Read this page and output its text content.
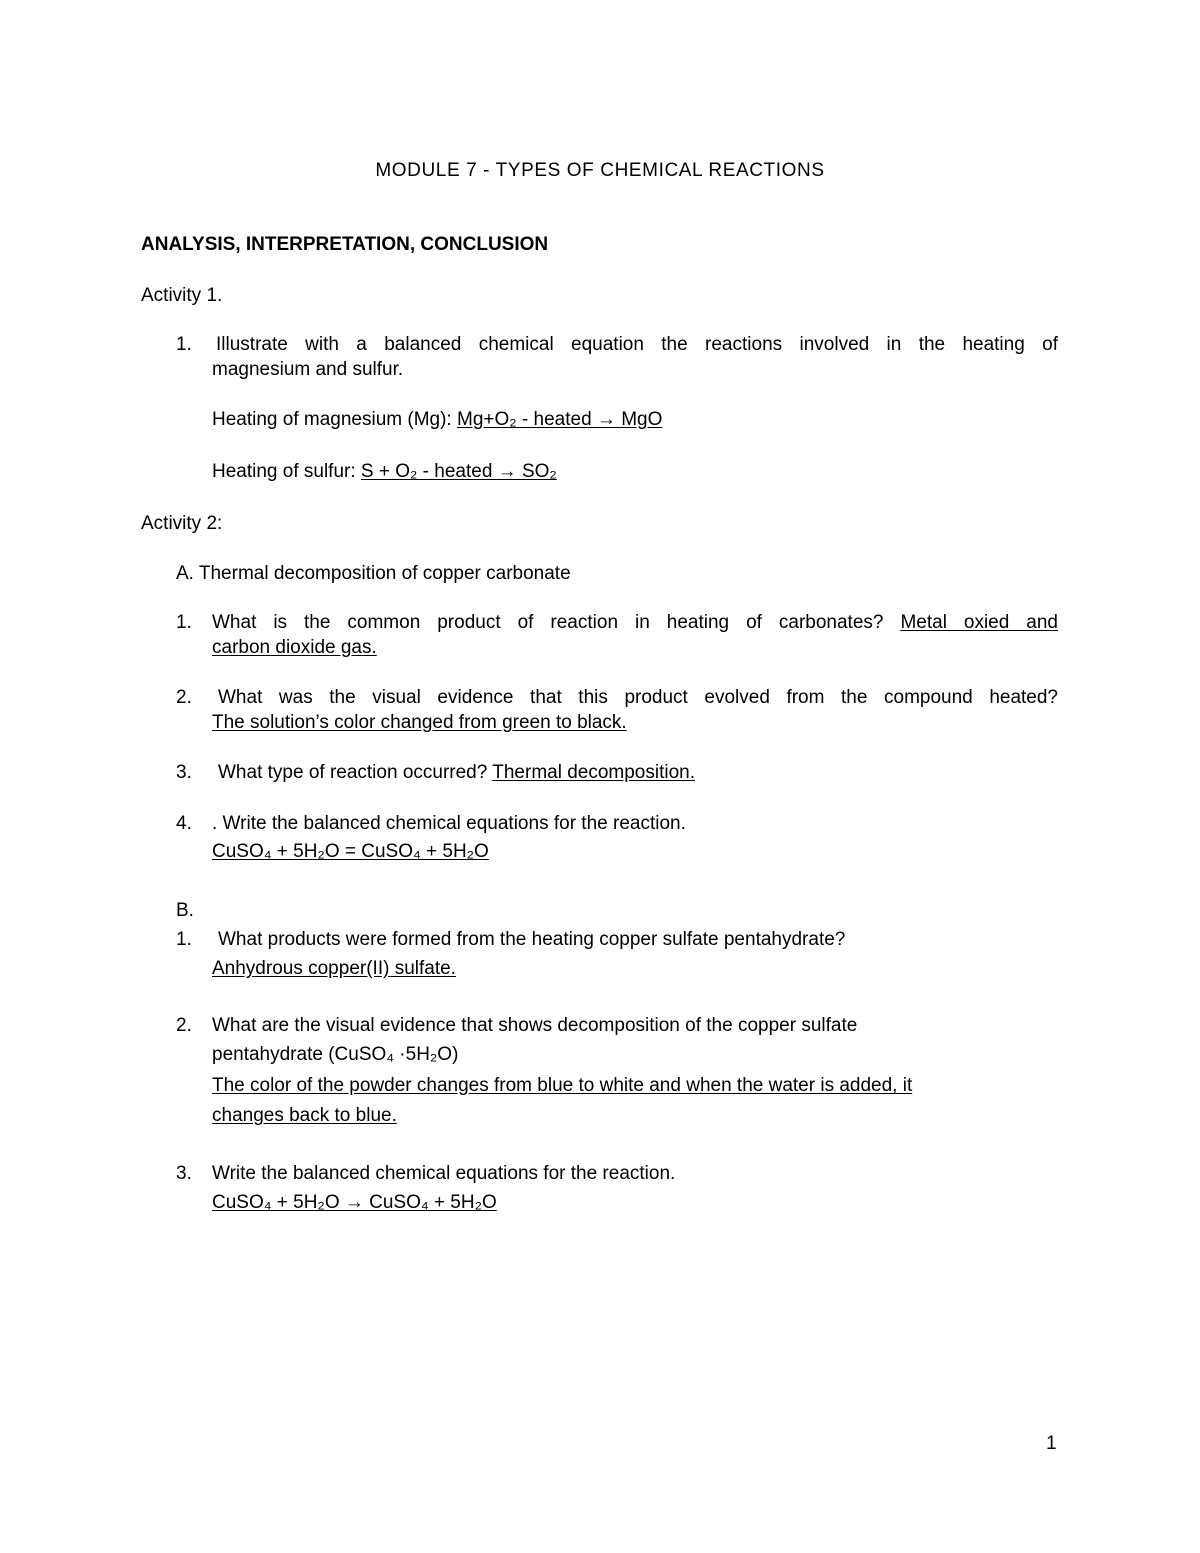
MODULE 7 - TYPES OF CHEMICAL REACTIONS
ANALYSIS, INTERPRETATION, CONCLUSION
Activity 1.
1. Illustrate with a balanced chemical equation the reactions involved in the heating of
magnesium and sulfur.
Heating of magnesium (Mg): Mg+O₂ - heated → MgO
Heating of sulfur: S + O₂ - heated → SO₂
Activity 2:
A. Thermal decomposition of copper carbonate
1. What is the common product of reaction in heating of carbonates? Metal oxied and
carbon dioxide gas.
2. What was the visual evidence that this product evolved from the compound heated?
The solution’s color changed from green to black.
3. What type of reaction occurred? Thermal decomposition.
4. . Write the balanced chemical equations for the reaction.
CuSO₄ + 5H₂O = CuSO₄ + 5H₂O
B.
1. What products were formed from the heating copper sulfate pentahydrate?
Anhydrous copper(II) sulfate.
2. What are the visual evidence that shows decomposition of the copper sulfate
pentahydrate (CuSO₄ ·5H₂O)
The color of the powder changes from blue to white and when the water is added, it
changes back to blue.
3. Write the balanced chemical equations for the reaction.
CuSO₄ + 5H₂O → CuSO₄ + 5H₂O
1
